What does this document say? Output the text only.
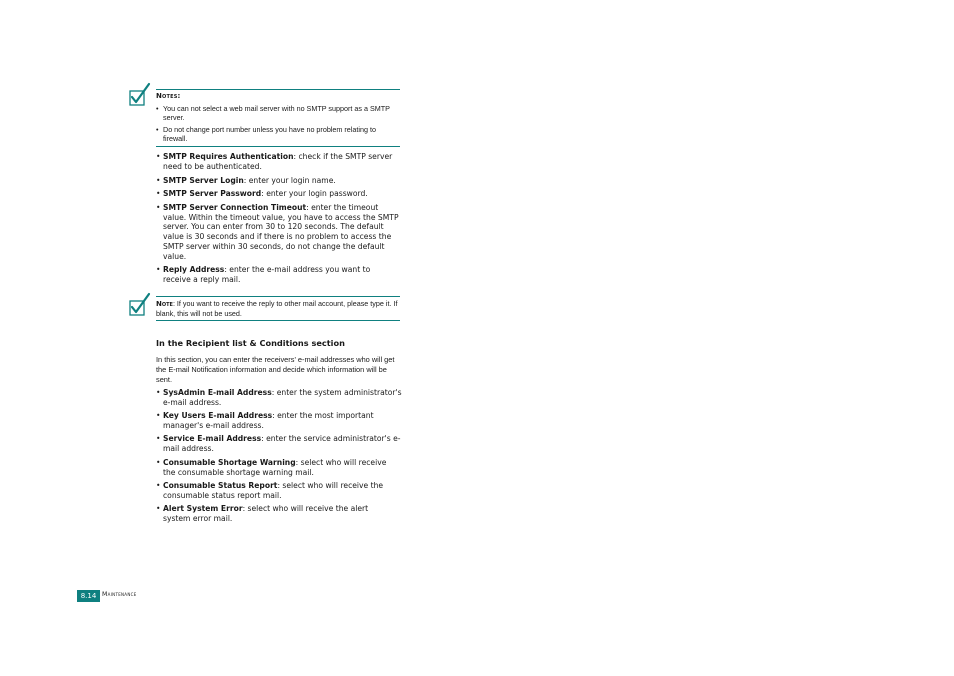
Notes:
• You can not select a web mail server with no SMTP support as a SMTP server.
• Do not change port number unless you have no problem relating to firewall.
• SMTP Requires Authentication: check if the SMTP server need to be authenticated.
• SMTP Server Login: enter your login name.
• SMTP Server Password: enter your login password.
• SMTP Server Connection Timeout: enter the timeout value. Within the timeout value, you have to access the SMTP server. You can enter from 30 to 120 seconds. The default value is 30 seconds and if there is no problem to access the SMTP server within 30 seconds, do not change the default value.
• Reply Address: enter the e-mail address you want to receive a reply mail.
Note: If you want to receive the reply to other mail account, please type it. If blank, this will not be used.
In the Recipient list & Conditions section
In this section, you can enter the receivers' e-mail addresses who will get the E-mail Notification information and decide which information will be sent.
• SysAdmin E-mail Address: enter the system administrator's e-mail address.
• Key Users E-mail Address: enter the most important manager's e-mail address.
• Service E-mail Address: enter the service administrator's e-mail address.
• Consumable Shortage Warning: select who will receive the consumable shortage warning mail.
• Consumable Status Report: select who will receive the consumable status report mail.
• Alert System Error: select who will receive the alert system error mail.
8.14 Maintenance
